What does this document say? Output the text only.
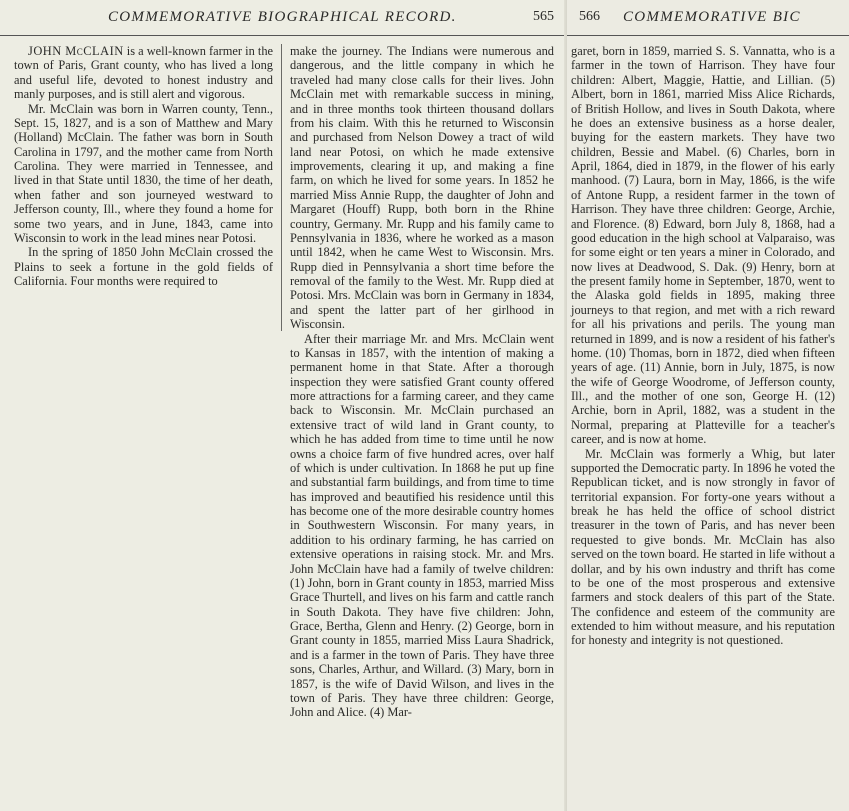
COMMEMORATIVE BIOGRAPHICAL RECORD.	565

JOHN McCLAIN is a well-known farmer in the town of Paris, Grant county, who has lived a long and useful life, devoted to honest industry and manly purposes, and is still alert and vigorous.

Mr. McClain was born in Warren county, Tenn., Sept. 15, 1827, and is a son of Matthew and Mary (Holland) McClain. The father was born in South Carolina in 1797, and the mother came from North Carolina. They were married in Tennessee, and lived in that State until 1830, the time of her death, when father and son journeyed westward to Jefferson county, Ill., where they found a home for some two years, and in June, 1843, came into Wisconsin to work in the lead mines near Potosi.

In the spring of 1850 John McClain crossed the Plains to seek a fortune in the gold fields of California. Four months were required to

make the journey. The Indians were numerous and dangerous, and the little company in which he traveled had many close calls for their lives. John McClain met with remarkable success in mining, and in three months took thirteen thousand dollars from his claim. With this he returned to Wisconsin and purchased from Nelson Dowey a tract of wild land near Potosi, on which he made extensive improvements, clearing it up, and making a fine farm, on which he lived for some years. In 1852 he married Miss Annie Rupp, the daughter of John and Margaret (Houff) Rupp, both born in the Rhine country, Germany. Mr. Rupp and his family came to Pennsylvania in 1836, where he worked as a mason until 1842, when he came West to Wisconsin. Mrs. Rupp died in Pennsylvania a short time before the removal of the family to the West. Mr. Rupp died at Potosi. Mrs. McClain was born in Germany in 1834, and spent the latter part of her girlhood in Wisconsin.

After their marriage Mr. and Mrs. McClain went to Kansas in 1857, with the intention of making a permanent home in that State. After a thorough inspection they were satisfied Grant county offered more attractions for a farming career, and they came back to Wisconsin. Mr. McClain purchased an extensive tract of wild land in Grant county, to which he has added from time to time until he now owns a choice farm of five hundred acres, over half of which is under cultivation. In 1868 he put up fine and substantial farm buildings, and from time to time has improved and beautified his residence until this has become one of the more desirable country homes in Southwestern Wisconsin. For many years, in addition to his ordinary farming, he has carried on extensive operations in raising stock. Mr. and Mrs. John McClain have had a family of twelve children: (1) John, born in Grant county in 1853, married Miss Grace Thurtell, and lives on his farm and cattle ranch in South Dakota. They have five children: John, Grace, Bertha, Glenn and Henry. (2) George, born in Grant county in 1855, married Miss Laura Shadrick, and is a farmer in the town of Paris. They have three sons, Charles, Arthur, and Willard. (3) Mary, born in 1857, is the wife of David Wilson, and lives in the town of Paris. They have three children: George, John and Alice. (4) Mar-

566 COMMEMORATIVE BIC

garet, born in 1859, married S. S. Vannatta, who is a farmer in the town of Harrison. They have four children: Albert, Maggie, Hattie, and Lillian. (5) Albert, born in 1861, married Miss Alice Richards, of British Hollow, and lives in South Dakota, where he does an extensive business as a horse dealer, buying for the eastern markets. They have two children, Bessie and Mabel. (6) Charles, born in April, 1864, died in 1879, in the flower of his early manhood. (7) Laura, born in May, 1866, is the wife of Antone Rupp, a resident farmer in the town of Harrison. They have three children: George, Archie, and Florence. (8) Edward, born July 8, 1868, had a good education in the high school at Valparaiso, was for some eight or ten years a miner in Colorado, and now lives at Deadwood, S. Dak. (9) Henry, born at the present family home in September, 1870, went to the Alaska gold fields in 1895, making three journeys to that region, and met with a rich reward for all his privations and perils. The young man returned in 1899, and is now a resident of his father's home. (10) Thomas, born in 1872, died when fifteen years of age. (11) Annie, born in July, 1875, is now the wife of George Woodrome, of Jefferson county, Ill., and the mother of one son, George H. (12) Archie, born in April, 1882, was a student in the Normal, preparing at Platteville for a teacher's career, and is now at home.

Mr. McClain was formerly a Whig, but later supported the Democratic party. In 1896 he voted the Republican ticket, and is now strongly in favor of territorial expansion. For forty-one years without a break he has held the office of school district treasurer in the town of Paris, and has never been requested to give bonds. Mr. McClain has also served on the town board. He started in life without a dollar, and by his own industry and thrift has come to be one of the most prosperous and extensive farmers and stock dealers of this part of the State. The confidence and esteem of the community are extended to him without measure, and his reputation for honesty and integrity is not questioned.
